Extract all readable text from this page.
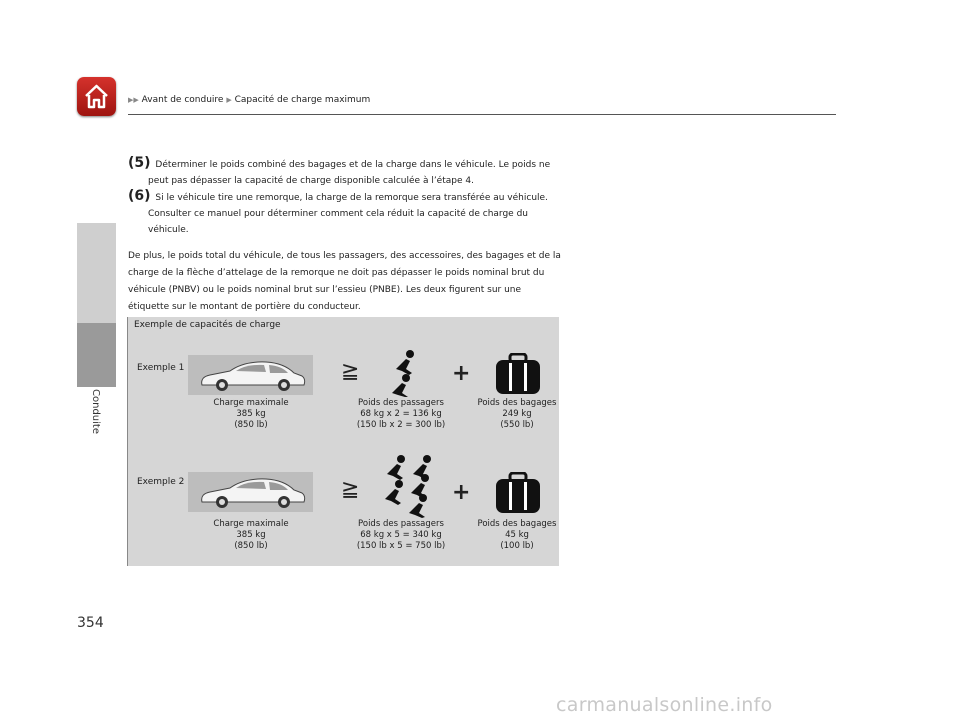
▶▶ Avant de conduire ▶ Capacité de charge maximum
Conduite
(5) Déterminer le poids combiné des bagages et de la charge dans le véhicule. Le poids ne
peut pas dépasser la capacité de charge disponible calculée à l’étape 4.
(6) Si le véhicule tire une remorque, la charge de la remorque sera transférée au véhicule.
Consulter ce manuel pour déterminer comment cela réduit la capacité de charge du
véhicule.
De plus, le poids total du véhicule, de tous les passagers, des accessoires, des bagages et de la
charge de la flèche d’attelage de la remorque ne doit pas dépasser le poids nominal brut du
véhicule (PNBV) ou le poids nominal brut sur l’essieu (PNBE). Les deux figurent sur une
étiquette sur le montant de portière du conducteur.
Exemple de capacités de charge
Exemple 1
Charge maximale
385 kg
(850 lb)
≧	+
Poids des passagers
68 kg x 2 = 136 kg
(150 lb x 2 = 300 lb)
Poids des bagages
249 kg
(550 lb)
Exemple 2
Charge maximale
385 kg
(850 lb)
≧	+
Poids des passagers
68 kg x 5 = 340 kg
(150 lb x 5 = 750 lb)
Poids des bagages
45 kg
(100 lb)
354
carmanualsonline.info
